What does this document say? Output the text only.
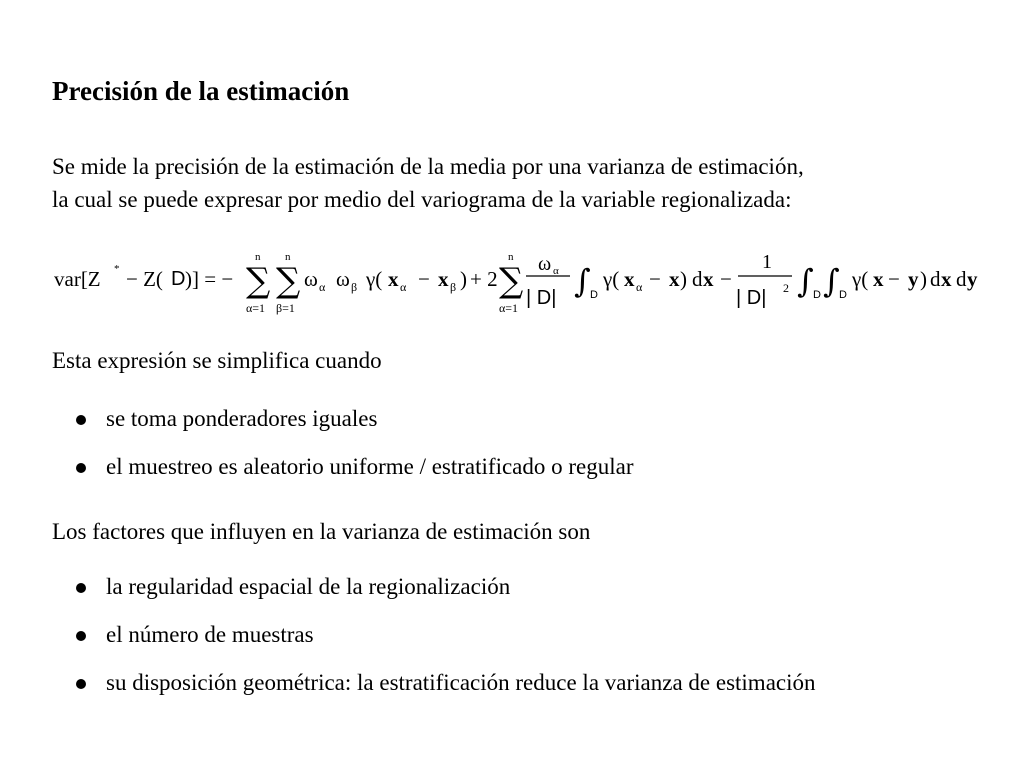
Precisión de la estimación

Se mide la precisión de la estimación de la media por una varianza de estimación,
la cual se puede expresar por medio del variograma de la variable regionalizada:

var[Z * − Z( D )] = −
n
∑
α=1
n
∑
β=1
ω α ω β γ( x α − x β ) + 2
n
∑
α=1
ω α
| D| ∫ D
γ( x α − x ) d x −
1
| D| 2 ∫ D ∫ D
γ( x − y ) d x d y

Esta expresión se simplifica cuando

se toma ponderadores iguales
el muestreo es aleatorio uniforme / estratificado o regular

Los factores que influyen en la varianza de estimación son

la regularidad espacial de la regionalización
el número de muestras
su disposición geométrica: la estratificación reduce la varianza de estimación
